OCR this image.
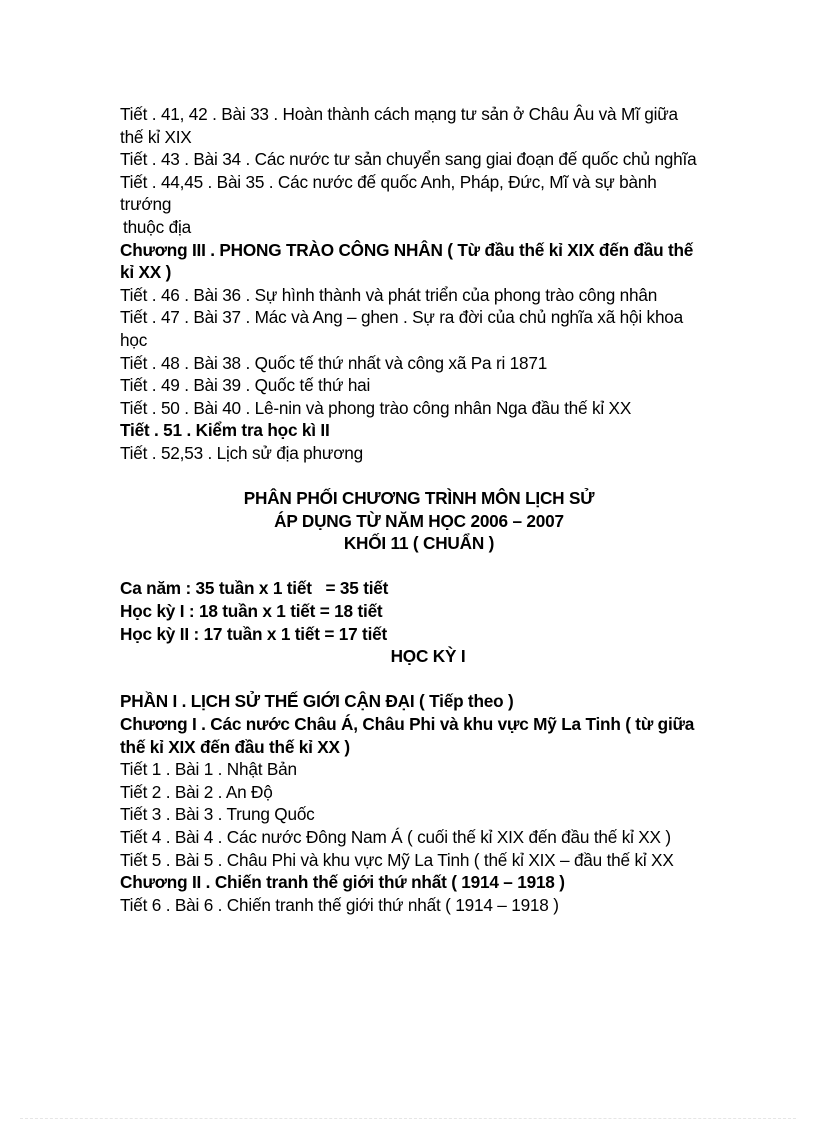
Tiết . 41, 42 . Bài 33 . Hoàn thành cách mạng tư sản ở Châu Âu và Mĩ giữa thế kỉ XIX

Tiết . 43 . Bài 34 . Các nước tư sản chuyển sang giai đoạn đế quốc chủ nghĩa

Tiết . 44,45 . Bài 35 . Các nước đế quốc Anh, Pháp, Đức, Mĩ và sự bành trướng

thuộc địa

Chương III . PHONG TRÀO CÔNG NHÂN ( Từ đầu thế kỉ XIX đến đầu thế kỉ XX )

Tiết . 46 . Bài 36 . Sự hình thành và phát triển của phong trào công nhân

Tiết . 47 . Bài 37 . Mác và Ang – ghen . Sự ra đời của chủ nghĩa xã hội khoa học

Tiết . 48 . Bài 38 . Quốc tế thứ nhất và công xã Pa ri 1871

Tiết . 49 . Bài 39 . Quốc tế thứ hai

Tiết . 50 . Bài 40 . Lê-nin và phong trào công nhân Nga đầu thế kỉ XX

Tiết . 51 . Kiểm tra học kì II

Tiết . 52,53 . Lịch sử địa phương

PHÂN PHỐI CHƯƠNG TRÌNH MÔN LỊCH SỬ

ÁP DỤNG TỪ NĂM HỌC 2006 – 2007

KHỐI 11 ( CHUẨN )

Ca năm : 35 tuần x 1 tiết   = 35 tiết

Học kỳ I : 18 tuần x 1 tiết = 18 tiết

Học kỳ II : 17 tuần x 1 tiết = 17 tiết

HỌC KỲ I

PHẦN I . LỊCH SỬ THẾ GIỚI CẬN ĐẠI ( Tiếp theo )

Chương I . Các nước Châu Á, Châu Phi và khu vực Mỹ La Tinh ( từ giữa thế kỉ XIX đến đầu thế kỉ XX )

Tiết 1 . Bài 1 . Nhật Bản

Tiết 2 . Bài 2 . An Độ

Tiết 3 . Bài 3 . Trung Quốc

Tiết 4 . Bài 4 . Các nước Đông Nam Á ( cuối thế kỉ XIX đến đầu thế kỉ XX )

Tiết 5 . Bài 5 . Châu Phi và khu vực Mỹ La Tinh ( thế kỉ XIX – đầu thế kỉ XX

Chương II . Chiến tranh thế giới thứ nhất ( 1914 – 1918 )

Tiết 6 . Bài 6 . Chiến tranh thế giới thứ nhất ( 1914 – 1918 )
